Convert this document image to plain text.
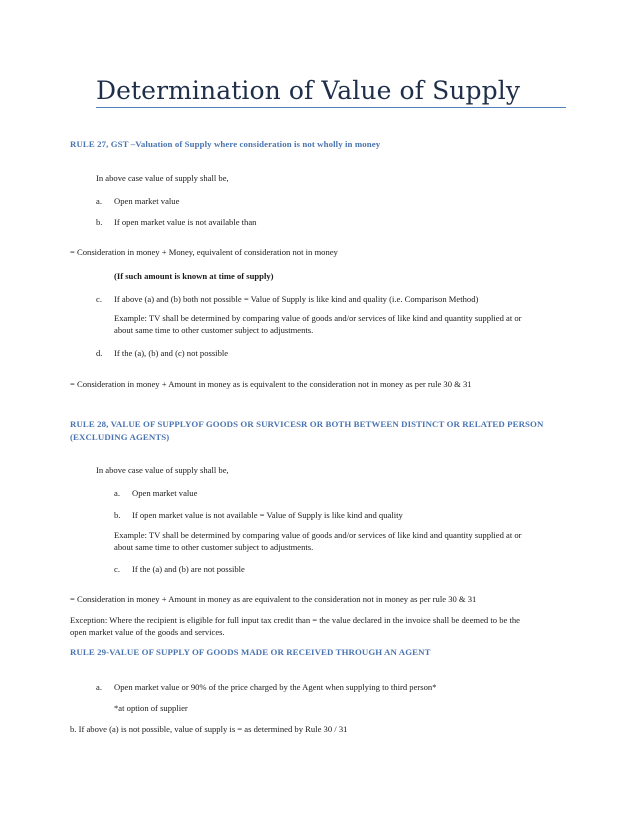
Determination of Value of Supply
RULE 27, GST –Valuation of Supply where consideration is not wholly in money
In above case value of supply shall be,
a. Open market value
b. If open market value is not available than
= Consideration in money + Money, equivalent of consideration not in money
(If such amount is known at time of supply)
c. If above (a) and (b) both not possible = Value of Supply is like kind and quality (i.e. Comparison Method)
Example: TV shall be determined by comparing value of goods and/or services of like kind and quantity supplied at or
about same time to other customer subject to adjustments.
d. If the (a), (b) and (c) not possible
= Consideration in money + Amount in money as is equivalent to the consideration not in money as per rule 30 & 31
RULE 28, VALUE OF SUPPLYOF GOODS OR SURVICESR OR BOTH BETWEEN DISTINCT OR RELATED PERSON
(EXCLUDING AGENTS)
In above case value of supply shall be,
a. Open market value
b. If open market value is not available = Value of Supply is like kind and quality
Example: TV shall be determined by comparing value of goods and/or services of like kind and quantity supplied at or
about same time to other customer subject to adjustments.
c. If the (a) and (b) are not possible
= Consideration in money + Amount in money as are equivalent to the consideration not in money as per rule 30 & 31
Exception: Where the recipient is eligible for full input tax credit than = the value declared in the invoice shall be deemed to be the
open market value of the goods and services.
RULE 29-VALUE OF SUPPLY OF GOODS MADE OR RECEIVED THROUGH AN AGENT
a. Open market value or 90% of the price charged by the Agent when supplying to third person*
*at option of supplier
b. If above (a) is not possible, value of supply is = as determined by Rule 30 / 31
